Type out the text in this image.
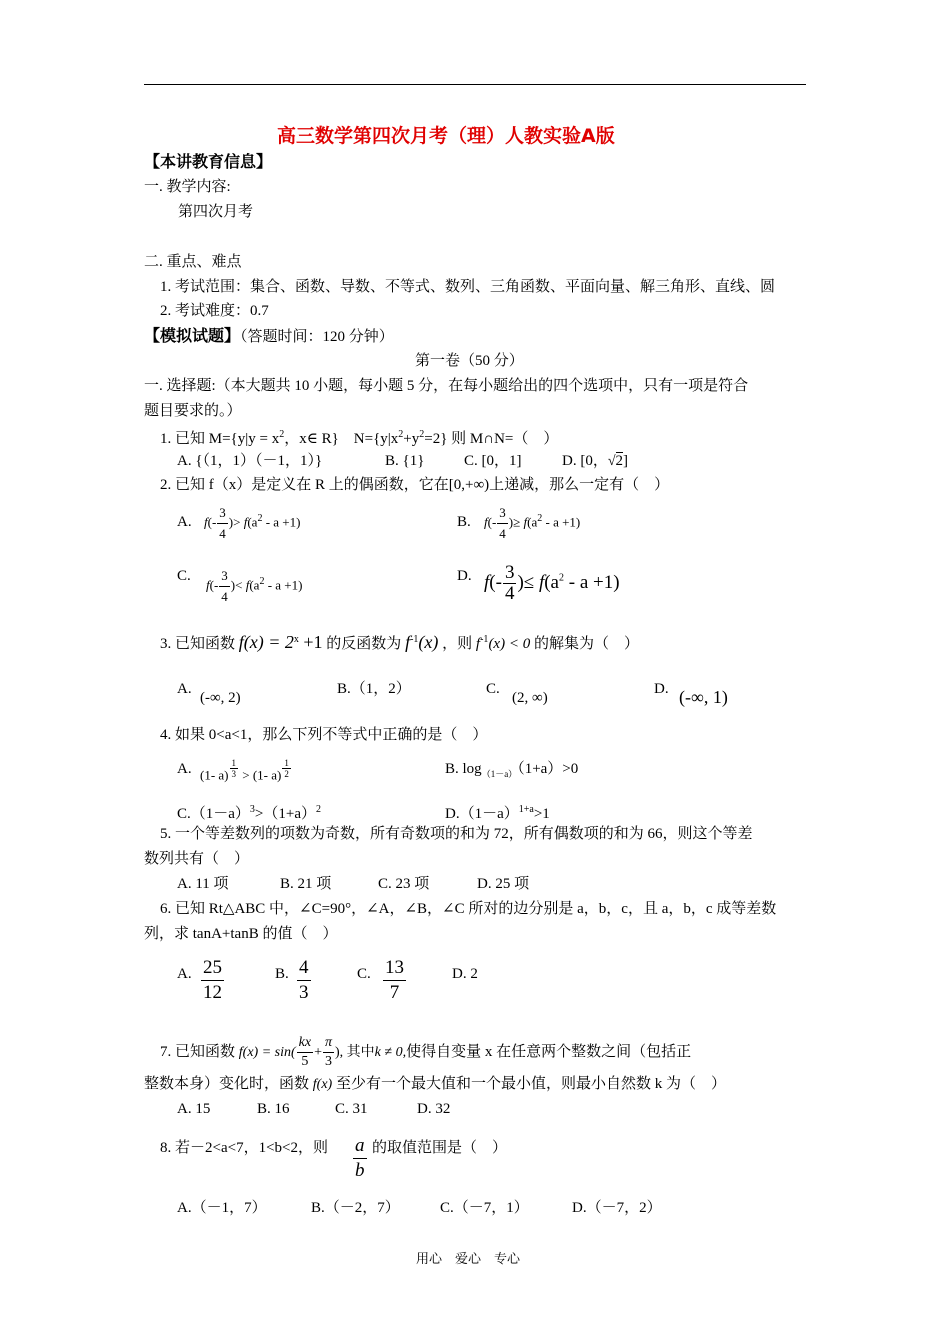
高三数学第四次月考（理）人教实验A版
【本讲教育信息】
一. 教学内容:
第四次月考
二. 重点、难点
1. 考试范围：集合、函数、导数、不等式、数列、三角函数、平面向量、解三角形、直线、圆
2. 考试难度：0.7
【模拟试题】（答题时间：120 分钟）
第一卷（50 分）
一. 选择题:（本大题共 10 小题，每小题 5 分，在每小题给出的四个选项中，只有一项是符合
题目要求的。）
1. 已知 $M=\{y|y = x^2$，x∈ R}　$N=\{y|x^2+y^2=2\}$ 则 M∩N=（　）
A. {（1，1）（－1，1）}	B. {1}	C. [0，1]	D. [0，√2]
2. 已知 f（x）是定义在 R 上的偶函数，它在[0,+∞)上递减，那么一定有（　）
A. $f(- \frac{3}{4}$ )> $f(a^2 - a +1)$	B. $f(- \frac{3}{4}$ )≥ $f(a^2 - a +1)$
C.
$f(- \frac{3}{4}$ )< $f(a^2 - a +1)$
D. $f(- \frac{3}{4}$ )≤ $f(a^2 - a +1)$
3. 已知函数 $f(x) = 2^x +1$ 的反函数为 $f^{-1}(x)$ ，则 $f^{-1}(x) < 0$ 的解集为（　）
A.
(-∞, 2)
B.（1，2）	C.
(2, ∞)
D. (-∞, 1)
4. 如果 0<a<1，那么下列不等式中正确的是（　）
A. (1- $a) \frac{1}{3} > (1-$ $a) \frac{1}{2}$	B. $\log_{(1-a)}(1+a)>0$
$C.(1-a)^3>(1+a)^2$	$D.(1-a)^{1+a}>1$
5. 一个等差数列的项数为奇数，所有奇数项的和为 72，所有偶数项的和为 66，则这个等差
数列共有（　）
A. 11 项	B. 21 项	C. 23 项	D. 25 项
6. 已知 Rt△ABC 中，∠C=90°，∠A，∠B，∠C 所对的边分别是 a，b，c，且 a，b，c 成等差数
列，求 tanA+tanB 的值（　）
A. $\frac{25}{12}$	B. $\frac{4}{3}$	C. $\frac{13}{7}$	D. 2
7. 已知函数 $f(x) = \sin( \frac{kx}{5} + \frac{\pi}{3}$ ), 其中k ≠ 0,使得自变量 x 在任意两个整数之间（包括正
整数本身）变化时，函数 f(x) 至少有一个最大值和一个最小值，则最小自然数 k 为（　）
A. 15	B. 16	C. 31	D. 32
8. 若－2<a<7，1<b<2，则 $\frac{a}{b}$ 的取值范围是（　）
A.（－1，7）	B.（－2，7）	C.（－7，1）	D.（－7，2）
用心　爱心　专心
